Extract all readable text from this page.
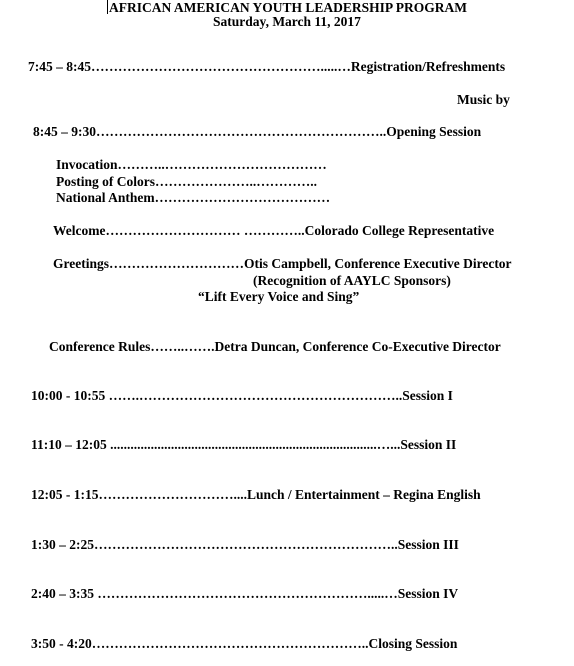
AFRICAN AMERICAN YOUTH LEADERSHIP PROGRAM
Saturday, March 11, 2017
7:45 – 8:45…………………………………………….....…Registration/Refreshments
Music by
8:45 – 9:30………………………………………………………..Opening Session
Invocation………..………………………………
Posting of Colors…………………..…………..
National Anthem…………………………………
Welcome………………………… …………..Colorado College Representative
Greetings…………………………Otis Campbell, Conference Executive Director
(Recognition of AAYLC Sponsors)
“Lift Every Voice and Sing”
Conference Rules……..…….Detra Duncan, Conference Co-Executive Director
10:00 - 10:55 …….…………………………………………………..Session I
11:10 – 12:05 ...............................................................................…...Session II
12:05 - 1:15…………………………....Lunch / Entertainment – Regina English
1:30 – 2:25…………………………………………………………..Session III
2:40 – 3:35 …………………………………………………….....…Session IV
3:50 - 4:20……………………………………………………..Closing Session
